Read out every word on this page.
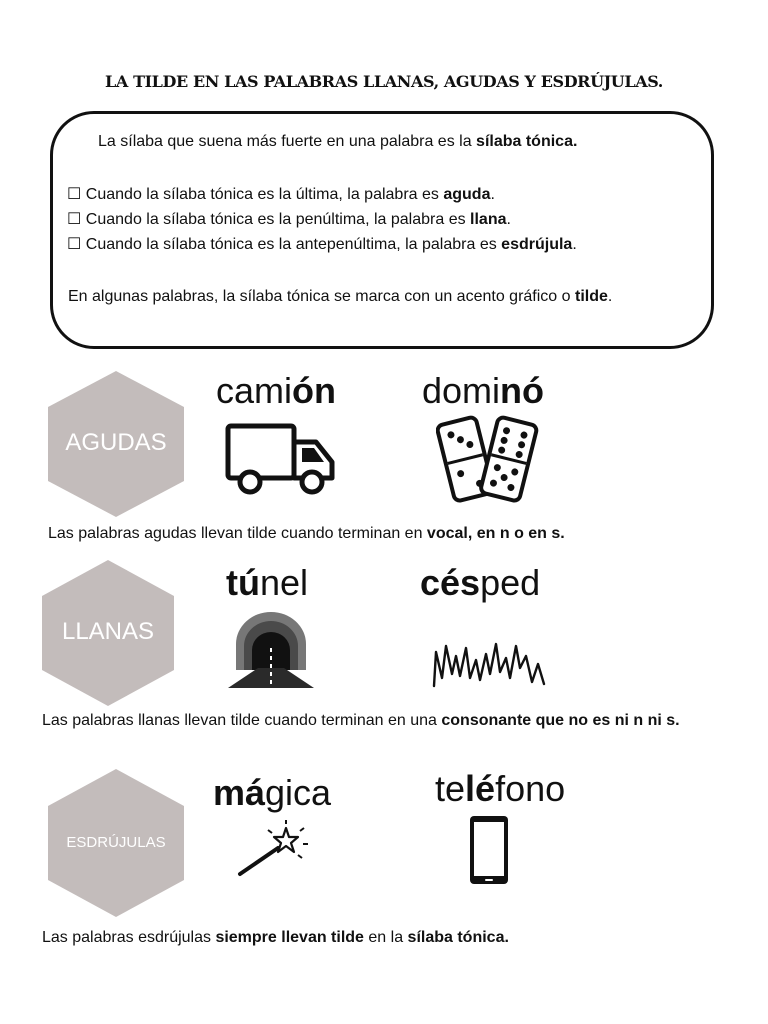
LA TILDE EN LAS PALABRAS LLANAS, AGUDAS Y ESDRÚJULAS.
La sílaba que suena más fuerte en una palabra es la sílaba tónica.
☐ Cuando la sílaba tónica es la última, la palabra es aguda.
☐ Cuando la sílaba tónica es la penúltima, la palabra es llana.
☐ Cuando la sílaba tónica es la antepenúltima, la palabra es esdrújula.
En algunas palabras, la sílaba tónica se marca con un acento gráfico o tilde.
AGUDAS
camión dominó
Las palabras agudas llevan tilde cuando terminan en vocal, en n o en s.
LLANAS
túnel	césped
Las palabras llanas llevan tilde cuando terminan en una consonante que no es ni n ni s.
ESDRÚJULAS
mágica	teléfono
Las palabras esdrújulas siempre llevan tilde en la sílaba tónica.
